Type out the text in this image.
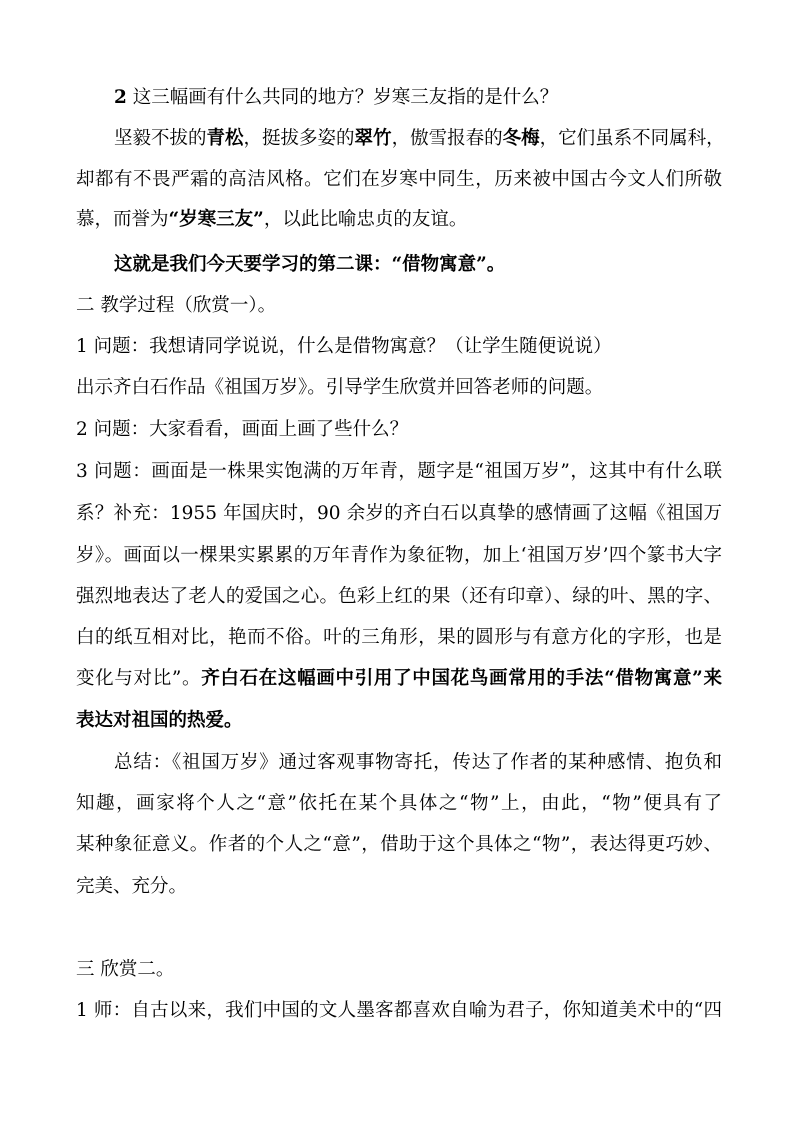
2 这三幅画有什么共同的地方？岁寒三友指的是什么？
坚毅不拔的青松，挺拔多姿的翠竹，傲雪报春的冬梅，它们虽系不同属科，
却都有不畏严霜的高洁风格。它们在岁寒中同生，历来被中国古今文人们所敬
慕，而誉为“岁寒三友”，以此比喻忠贞的友谊。
这就是我们今天要学习的第二课：“借物寓意”。
二 教学过程（欣赏一）。
1 问题：我想请同学说说，什么是借物寓意？（让学生随便说说）
出示齐白石作品《祖国万岁》。引导学生欣赏并回答老师的问题。
2 问题：大家看看，画面上画了些什么？
3 问题：画面是一株果实饱满的万年青，题字是“祖国万岁”，这其中有什么联
系？补充：1955 年国庆时，90 余岁的齐白石以真挚的感情画了这幅《祖国万
岁》。画面以一棵果实累累的万年青作为象征物，加上‘祖国万岁’四个篆书大字
强烈地表达了老人的爱国之心。色彩上红的果（还有印章）、绿的叶、黑的字、
白的纸互相对比，艳而不俗。叶的三角形，果的圆形与有意方化的字形，也是
变化与对比”。齐白石在这幅画中引用了中国花鸟画常用的手法“借物寓意”来
表达对祖国的热爱。
总结：《祖国万岁》通过客观事物寄托，传达了作者的某种感情、抱负和
知趣，画家将个人之“意”依托在某个具体之“物”上，由此，“物”便具有了
某种象征意义。作者的个人之“意”，借助于这个具体之“物”，表达得更巧妙、
完美、充分。
三 欣赏二。
1 师：自古以来，我们中国的文人墨客都喜欢自喻为君子，你知道美术中的“四
